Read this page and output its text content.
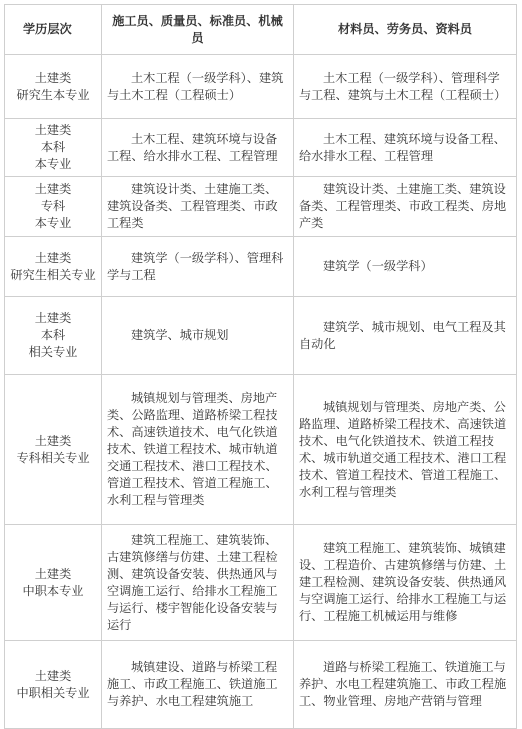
学历层次	施工员、质量员、标准员、机械员	材料员、劳务员、资料员
土建类
研究生本专业	土木工程（一级学科）、建筑与土木工程（工程硕士）	土木工程（一级学科）、管理科学与工程、建筑与土木工程（工程硕士）
土建类
本科
本专业	土木工程、建筑环境与设备工程、给水排水工程、工程管理	土木工程、建筑环境与设备工程、给水排水工程、工程管理
土建类
专科
本专业	建筑设计类、土建施工类、建筑设备类、工程管理类、市政工程类	建筑设计类、土建施工类、建筑设备类、工程管理类、市政工程类、房地产类
土建类
研究生相关专业	建筑学（一级学科）、管理科学与工程	建筑学（一级学科）
土建类
本科
相关专业	建筑学、城市规划	建筑学、城市规划、电气工程及其自动化
土建类
专科相关专业	城镇规划与管理类、房地产类、公路监理、道路桥梁工程技术、高速铁道技术、电气化铁道技术、铁道工程技术、城市轨道交通工程技术、港口工程技术、管道工程技术、管道工程施工、水利工程与管理类	城镇规划与管理类、房地产类、公路监理、道路桥梁工程技术、高速铁道技术、电气化铁道技术、铁道工程技术、城市轨道交通工程技术、港口工程技术、管道工程技术、管道工程施工、水利工程与管理类
土建类
中职本专业	建筑工程施工、建筑装饰、古建筑修缮与仿建、土建工程检测、建筑设备安装、供热通风与空调施工运行、给排水工程施工与运行、楼宇智能化设备安装与运行	建筑工程施工、建筑装饰、城镇建设、工程造价、古建筑修缮与仿建、土建工程检测、建筑设备安装、供热通风与空调施工运行、给排水工程施工与运行、工程施工机械运用与维修
土建类
中职相关专业	城镇建设、道路与桥梁工程施工、市政工程施工、铁道施工与养护、水电工程建筑施工	道路与桥梁工程施工、铁道施工与养护、水电工程建筑施工、市政工程施工、物业管理、房地产营销与管理
